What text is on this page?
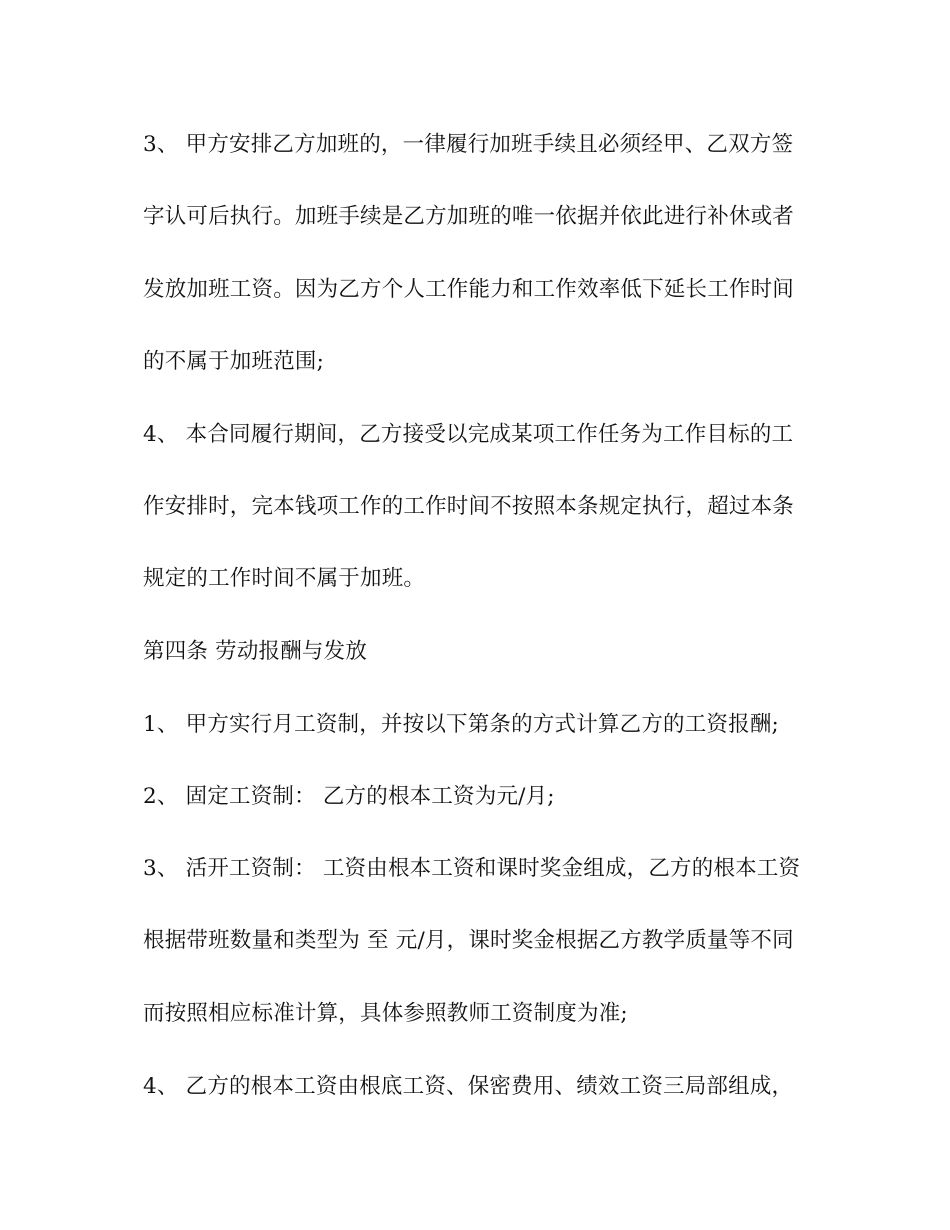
3、 甲方安排乙方加班的，一律履行加班手续且必须经甲、乙双方签
字认可后执行。加班手续是乙方加班的唯一依据并依此进行补休或者
发放加班工资。因为乙方个人工作能力和工作效率低下延长工作时间
的不属于加班范围;
4、 本合同履行期间，乙方接受以完成某项工作任务为工作目标的工
作安排时，完本钱项工作的工作时间不按照本条规定执行，超过本条
规定的工作时间不属于加班。
第四条 劳动报酬与发放
1、 甲方实行月工资制，并按以下第条的方式计算乙方的工资报酬;
2、 固定工资制： 乙方的根本工资为元/月;
3、 活开工资制： 工资由根本工资和课时奖金组成，乙方的根本工资
根据带班数量和类型为 至 元/月，课时奖金根据乙方教学质量等不同
而按照相应标准计算，具体参照教师工资制度为准;
4、 乙方的根本工资由根底工资、保密费用、绩效工资三局部组成，
